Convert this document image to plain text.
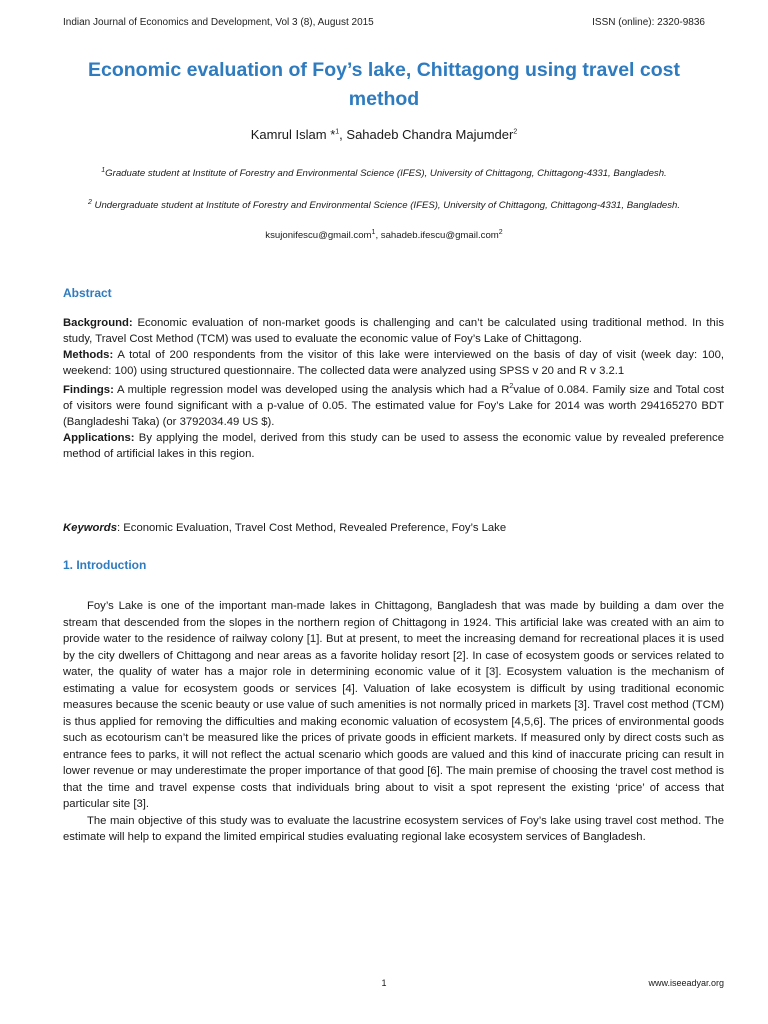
Indian Journal of Economics and Development, Vol 3 (8), August 2015	ISSN (online): 2320-9836
Economic evaluation of Foy’s lake, Chittagong using travel cost method
Kamrul Islam *$^1$, Sahadeb Chandra Majumder$^2$
$^1$Graduate student at Institute of Forestry and Environmental Science (IFES), University of Chittagong, Chittagong-4331, Bangladesh.
$^2$ Undergraduate student at Institute of Forestry and Environmental Science (IFES), University of Chittagong, Chittagong-4331, Bangladesh.
ksujonifescu@gmail.com$^1$, sahadeb.ifescu@gmail.com$^2$
Abstract

Background: Economic evaluation of non-market goods is challenging and can’t be calculated using traditional method. In this study, Travel Cost Method (TCM) was used to evaluate the economic value of Foy’s Lake of Chittagong.

Methods: A total of 200 respondents from the visitor of this lake were interviewed on the basis of day of visit (week day: 100, weekend: 100) using structured questionnaire. The collected data were analyzed using SPSS v 20 and R v 3.2.1

Findings: A multiple regression model was developed using the analysis which had a $R^2value$ of 0.084. Family size and Total cost of visitors were found significant with a p-value of 0.05. The estimated value for Foy’s Lake for 2014 was worth 294165270 BDT (Bangladeshi Taka) (or 3792034.49 US $).

Applications: By applying the model, derived from this study can be used to assess the economic value by revealed preference method of artificial lakes in this region.

Keywords: Economic Evaluation, Travel Cost Method, Revealed Preference, Foy’s Lake
1. Introduction

Foy’s Lake is one of the important man-made lakes in Chittagong, Bangladesh that was made by building a dam over the stream that descended from the slopes in the northern region of Chittagong in 1924. This artificial lake was created with an aim to provide water to the residence of railway colony [1]. But at present, to meet the increasing demand for recreational places it is used by the city dwellers of Chittagong and near areas as a favorite holiday resort [2]. In case of ecosystem goods or services related to water, the quality of water has a major role in determining economic value of it [3]. Ecosystem valuation is the mechanism of estimating a value for ecosystem goods or services [4]. Valuation of lake ecosystem is difficult by using traditional economic measures because the scenic beauty or use value of such amenities is not normally priced in markets [3]. Travel cost method (TCM) is thus applied for removing the difficulties and making economic valuation of ecosystem [4,5,6]. The prices of environmental goods such as ecotourism can’t be measured like the prices of private goods in efficient markets. If measured only by direct costs such as entrance fees to parks, it will not reflect the actual scenario which goods are valued and this kind of inaccurate pricing can result in lower revenue or may underestimate the proper importance of that good [6]. The main premise of choosing the travel cost method is that the time and travel expense costs that individuals bring about to visit a spot represent the existing ‘price’ of access that particular site [3].

The main objective of this study was to evaluate the lacustrine ecosystem services of Foy’s lake using travel cost method. The estimate will help to expand the limited empirical studies evaluating regional lake ecosystem services of Bangladesh.

1	www.iseeadyar.org
